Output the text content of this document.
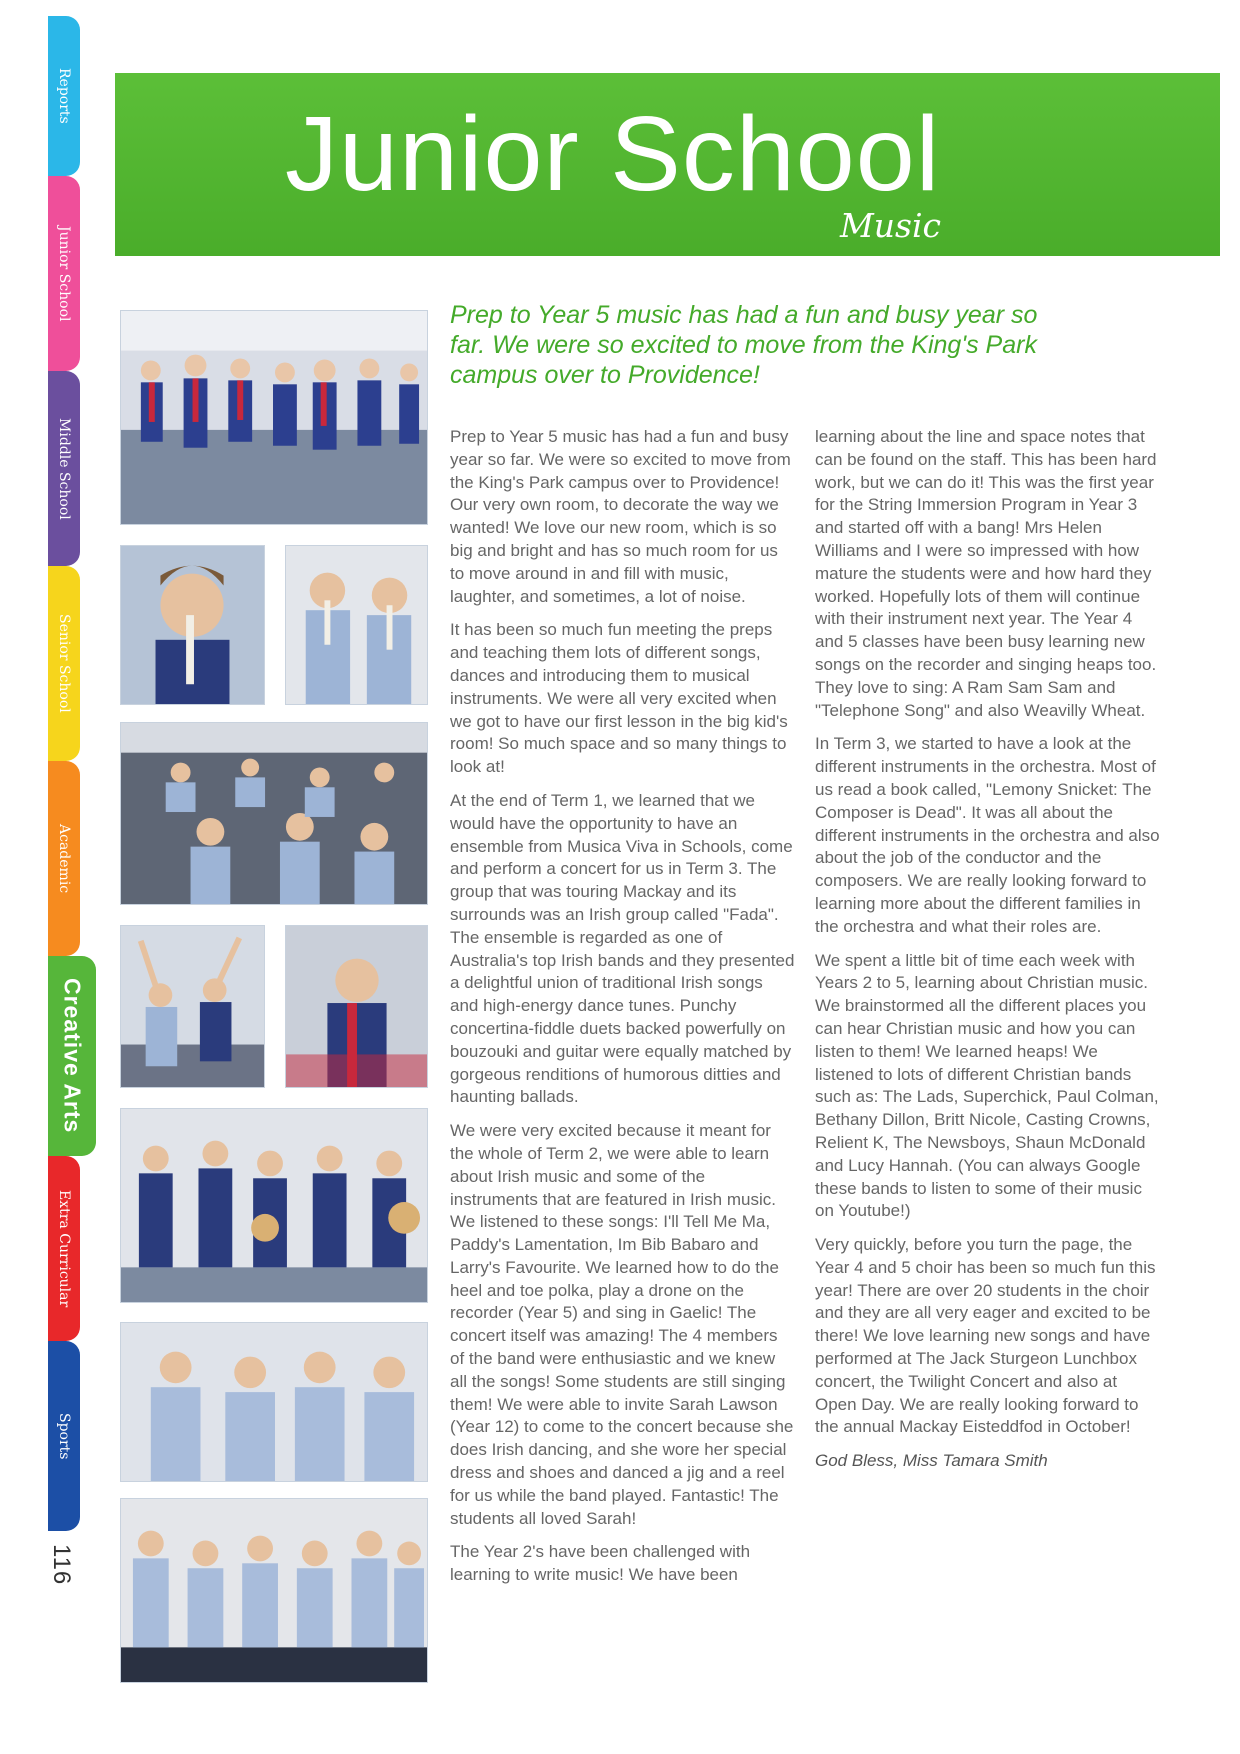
Reports
Junior School
Middle School
Senior School
Academic
Creative Arts
Extra Curricular
Sports
116
Junior School
Music
Prep to Year 5 music has had a fun and busy year so far. We were so excited to move from the King's Park campus over to Providence!

Prep to Year 5 music has had a fun and busy year so far. We were so excited to move from the King's Park campus over to Providence! Our very own room, to decorate the way we wanted! We love our new room, which is so big and bright and has so much room for us to move around in and fill with music, laughter, and sometimes, a lot of noise.

It has been so much fun meeting the preps and teaching them lots of different songs, dances and introducing them to musical instruments. We were all very excited when we got to have our first lesson in the big kid's room! So much space and so many things to look at!

At the end of Term 1, we learned that we would have the opportunity to have an ensemble from Musica Viva in Schools, come and perform a concert for us in Term 3. The group that was touring Mackay and its surrounds was an Irish group called "Fada". The ensemble is regarded as one of Australia's top Irish bands and they presented a delightful union of traditional Irish songs and high-energy dance tunes. Punchy concertina-fiddle duets backed powerfully on bouzouki and guitar were equally matched by gorgeous renditions of humorous ditties and haunting ballads.

We were very excited because it meant for the whole of Term 2, we were able to learn about Irish music and some of the instruments that are featured in Irish music. We listened to these songs: I'll Tell Me Ma, Paddy's Lamentation, Im Bib Babaro and Larry's Favourite. We learned how to do the heel and toe polka, play a drone on the recorder (Year 5) and sing in Gaelic! The concert itself was amazing! The 4 members of the band were enthusiastic and we knew all the songs! Some students are still singing them! We were able to invite Sarah Lawson (Year 12) to come to the concert because she does Irish dancing, and she wore her special dress and shoes and danced a jig and a reel for us while the band played. Fantastic! The students all loved Sarah!

The Year 2's have been challenged with learning to write music! We have been

learning about the line and space notes that can be found on the staff. This has been hard work, but we can do it! This was the first year for the String Immersion Program in Year 3 and started off with a bang! Mrs Helen Williams and I were so impressed with how mature the students were and how hard they worked. Hopefully lots of them will continue with their instrument next year. The Year 4 and 5 classes have been busy learning new songs on the recorder and singing heaps too. They love to sing: A Ram Sam Sam and "Telephone Song" and also Weavilly Wheat.

In Term 3, we started to have a look at the different instruments in the orchestra. Most of us read a book called, "Lemony Snicket: The Composer is Dead". It was all about the different instruments in the orchestra and also about the job of the conductor and the composers. We are really looking forward to learning more about the different families in the orchestra and what their roles are.

We spent a little bit of time each week with Years 2 to 5, learning about Christian music. We brainstormed all the different places you can hear Christian music and how you can listen to them! We learned heaps! We listened to lots of different Christian bands such as: The Lads, Superchick, Paul Colman, Bethany Dillon, Britt Nicole, Casting Crowns, Relient K, The Newsboys, Shaun McDonald and Lucy Hannah. (You can always Google these bands to listen to some of their music on Youtube!)

Very quickly, before you turn the page, the Year 4 and 5 choir has been so much fun this year! There are over 20 students in the choir and they are all very eager and excited to be there! We love learning new songs and have performed at The Jack Sturgeon Lunchbox concert, the Twilight Concert and also at Open Day. We are really looking forward to the annual Mackay Eisteddfod in October!

God Bless, Miss Tamara Smith
